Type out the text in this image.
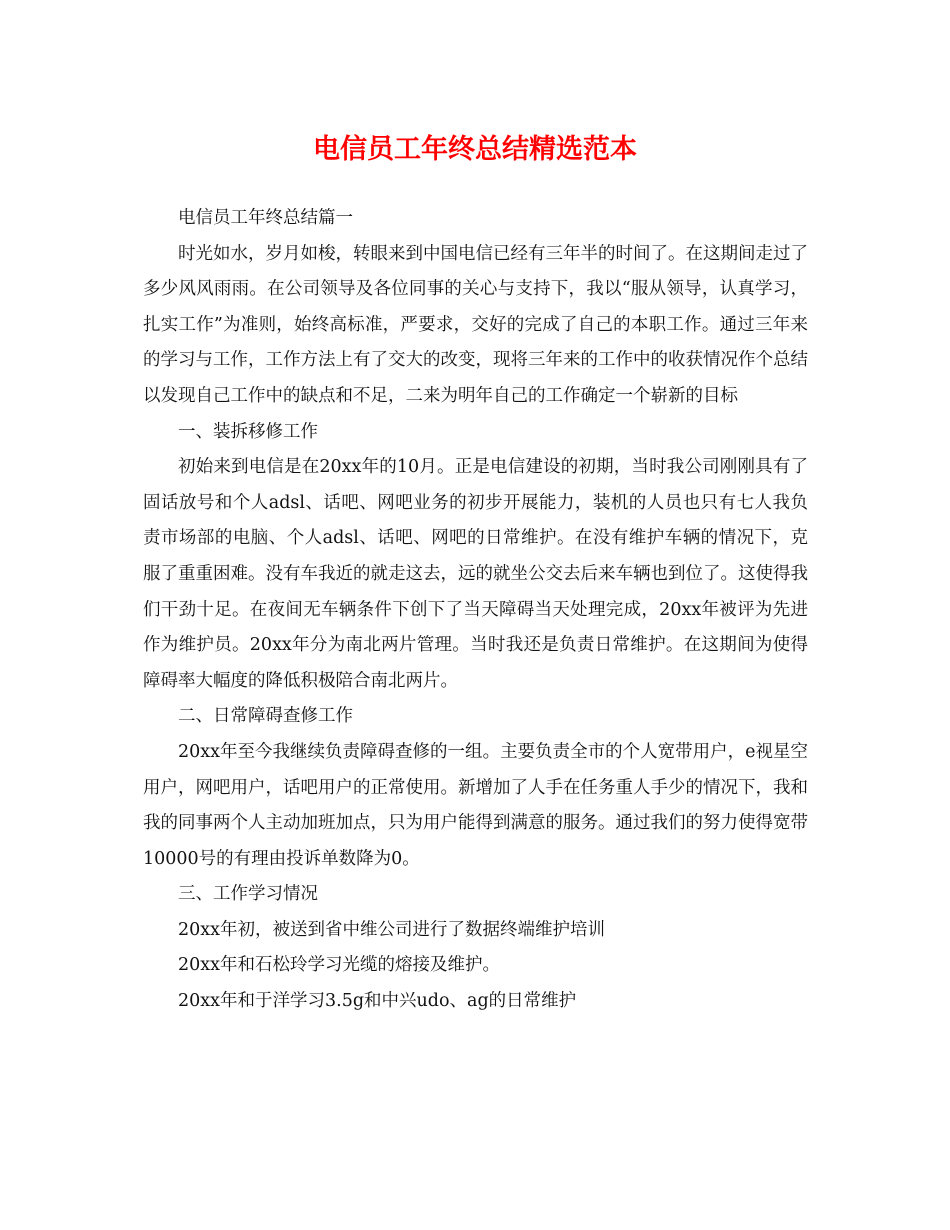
电信员工年终总结精选范本

电信员工年终总结篇一

时光如水，岁月如梭，转眼来到中国电信已经有三年半的时间了。在这期间走过了多少风风雨雨。在公司领导及各位同事的关心与支持下，我以“服从领导，认真学习，扎实工作”为准则，始终高标准，严要求，交好的完成了自己的本职工作。通过三年来的学习与工作，工作方法上有了交大的改变，现将三年来的工作中的收获情况作个总结以发现自己工作中的缺点和不足，二来为明年自己的工作确定一个崭新的目标

一、装拆移修工作

初始来到电信是在20xx年的10月。正是电信建设的初期，当时我公司刚刚具有了固话放号和个人adsl、话吧、网吧业务的初步开展能力，装机的人员也只有七人我负责市场部的电脑、个人adsl、话吧、网吧的日常维护。在没有维护车辆的情况下，克服了重重困难。没有车我近的就走这去，远的就坐公交去后来车辆也到位了。这使得我们干劲十足。在夜间无车辆条件下创下了当天障碍当天处理完成，20xx年被评为先进作为维护员。20xx年分为南北两片管理。当时我还是负责日常维护。在这期间为使得障碍率大幅度的降低积极陪合南北两片。

二、日常障碍查修工作

20xx年至今我继续负责障碍查修的一组。主要负责全市的个人宽带用户，e视星空用户，网吧用户，话吧用户的正常使用。新增加了人手在任务重人手少的情况下，我和我的同事两个人主动加班加点，只为用户能得到满意的服务。通过我们的努力使得宽带10000号的有理由投诉单数降为0。

三、工作学习情况

20xx年初，被送到省中维公司进行了数据终端维护培训

20xx年和石松玲学习光缆的熔接及维护。

20xx年和于洋学习3.5g和中兴udo、ag的日常维护
